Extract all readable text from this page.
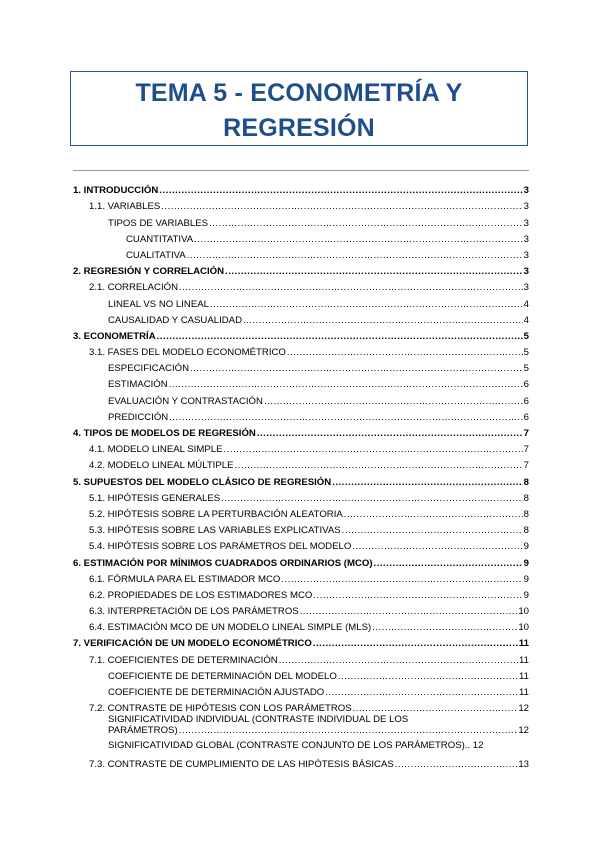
TEMA 5 - ECONOMETRÍA Y
REGRESIÓN
1. INTRODUCCIÓN .....	3
1.1. VARIABLES .....	3
TIPOS DE VARIABLES .....	3
CUANTITATIVA .....	3
CUALITATIVA .....	3
2. REGRESIÓN Y CORRELACIÓN .....	3
2.1. CORRELACIÓN .....	3
LINEAL VS NO LINEAL .....	4
CAUSALIDAD Y CASUALIDAD .....	4
3. ECONOMETRÍA .....	5
3.1. FASES DEL MODELO ECONOMÉTRICO .....	5
ESPECIFICACIÓN .....	5
ESTIMACIÓN .....	6
EVALUACIÓN Y CONTRASTACIÓN .....	6
PREDICCIÓN .....	6
4. TIPOS DE MODELOS DE REGRESIÓN .....	7
4.1. MODELO LINEAL SIMPLE .....	7
4.2. MODELO LINEAL MÚLTIPLE .....	7
5. SUPUESTOS DEL MODELO CLÁSICO DE REGRESIÓN .....	8
5.1. HIPÓTESIS GENERALES .....	8
5.2. HIPÓTESIS SOBRE LA PERTURBACIÓN ALEATORIA .....	8
5.3. HIPÓTESIS SOBRE LAS VARIABLES EXPLICATIVAS .....	8
5.4. HIPÓTESIS SOBRE LOS PARÁMETROS DEL MODELO .....	9
6. ESTIMACIÓN POR MÍNIMOS CUADRADOS ORDINARIOS (MCO) .....	9
6.1. FÓRMULA PARA EL ESTIMADOR MCO .....	9
6.2. PROPIEDADES DE LOS ESTIMADORES MCO .....	9
6.3. INTERPRETACIÓN DE LOS PARÁMETROS .....	10
6.4. ESTIMACIÓN MCO DE UN MODELO LINEAL SIMPLE (MLS) .....	10
7. VERIFICACIÓN DE UN MODELO ECONOMÉTRICO .....	11
7.1. COEFICIENTES DE DETERMINACIÓN .....	11
COEFICIENTE DE DETERMINACIÓN DEL MODELO .....	11
COEFICIENTE DE DETERMINACIÓN AJUSTADO .....	11
7.2. CONTRASTE DE HIPÓTESIS CON LOS PARÁMETROS .....	12
SIGNIFICATIVIDAD INDIVIDUAL (CONTRASTE INDIVIDUAL DE LOS
PARÁMETROS) .....	12
SIGNIFICATIVIDAD GLOBAL (CONTRASTE CONJUNTO DE LOS PARÁMETROS).. 12
7.3. CONTRASTE DE CUMPLIMIENTO DE LAS HIPÓTESIS BÁSICAS .....	13
